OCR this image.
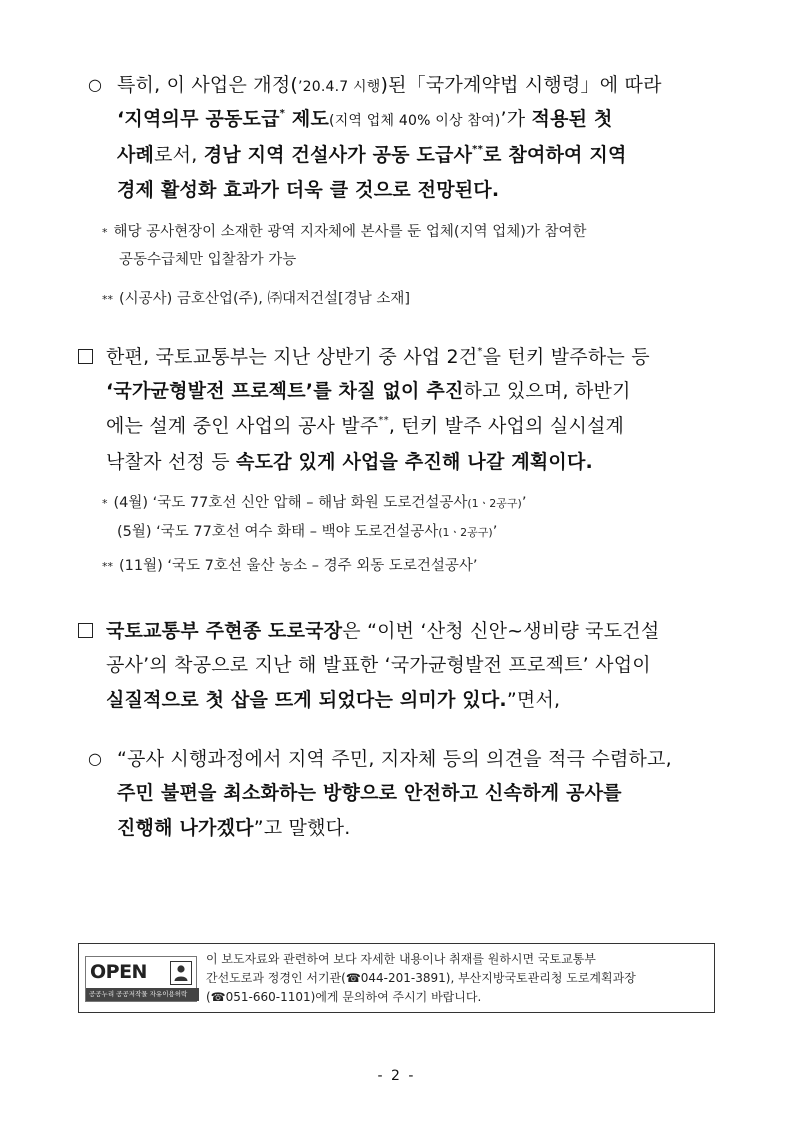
○ 특히, 이 사업은 개정(’20.4.7 시행)된「국가계약법 시행령」에 따라
‘지역의무 공동도급* 제도(지역 업체 40% 이상 참여)’가 적용된 첫
사례로서, 경남 지역 건설사가 공동 도급사**로 참여하여 지역
경제 활성화 효과가 더욱 클 것으로 전망된다.
* 해당 공사현장이 소재한 광역 지자체에 본사를 둔 업체(지역 업체)가 참여한
공동수급체만 입찰참가 가능
** (시공사) 금호산업(주), ㈜대저건설[경남 소재]
한편, 국토교통부는 지난 상반기 중 사업 2건*을 턴키 발주하는 등
‘국가균형발전 프로젝트’를 차질 없이 추진하고 있으며, 하반기
에는 설계 중인 사업의 공사 발주**, 턴키 발주 사업의 실시설계
낙찰자 선정 등 속도감 있게 사업을 추진해 나갈 계획이다.
* (4월) ‘국도 77호선 신안 압해 – 해남 화원 도로건설공사(1ㆍ2공구)’
(5월) ‘국도 77호선 여수 화태 – 백야 도로건설공사(1ㆍ2공구)’
** (11월) ‘국도 7호선 울산 농소 – 경주 외동 도로건설공사’
국토교통부 주현종 도로국장은 “이번 ‘산청 신안~생비량 국도건설
공사’의 착공으로 지난 해 발표한 ‘국가균형발전 프로젝트’ 사업이
실질적으로 첫 삽을 뜨게 되었다는 의미가 있다.”면서,
○ “공사 시행과정에서 지역 주민, 지자체 등의 의견을 적극 수렴하고,
주민 불편을 최소화하는 방향으로 안전하고 신속하게 공사를
진행해 나가겠다”고 말했다.
OPEN
공공누리 공공저작물 자유이용허락
이 보도자료와 관련하여 보다 자세한 내용이나 취재를 원하시면 국토교통부
간선도로과 정경인 서기관(☎044-201-3891), 부산지방국토관리청 도로계획과장
(☎051-660-1101)에게 문의하여 주시기 바랍니다.
- 2 -
